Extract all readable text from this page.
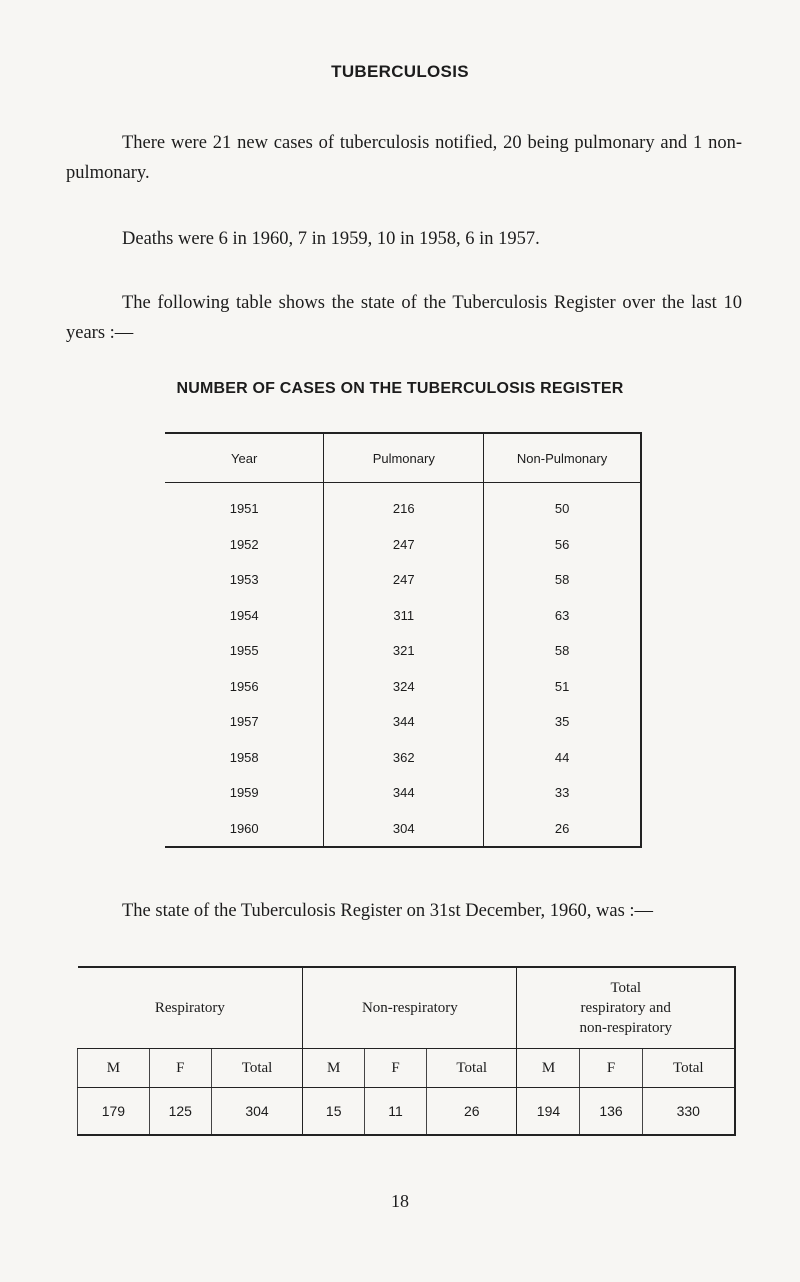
TUBERCULOSIS
There were 21 new cases of tuberculosis notified, 20 being pulmonary and 1 non-pulmonary.
Deaths were 6 in 1960, 7 in 1959, 10 in 1958, 6 in 1957.
The following table shows the state of the Tuberculosis Register over the last 10 years :—
NUMBER OF CASES ON THE TUBERCULOSIS REGISTER
Year	Pulmonary	Non-Pulmonary
1951	216	50
1952	247	56
1953	247	58
1954	311	63
1955	321	58
1956	324	51
1957	344	35
1958	362	44
1959	344	33
1960	304	26
The state of the Tuberculosis Register on 31st December, 1960, was :—
Respiratory			Non-respiratory			Total
respiratory and
non-respiratory		

M	F	Total	M	F	Total	M	F	Total
179	125	304	15	11	26	194	136	330
18
